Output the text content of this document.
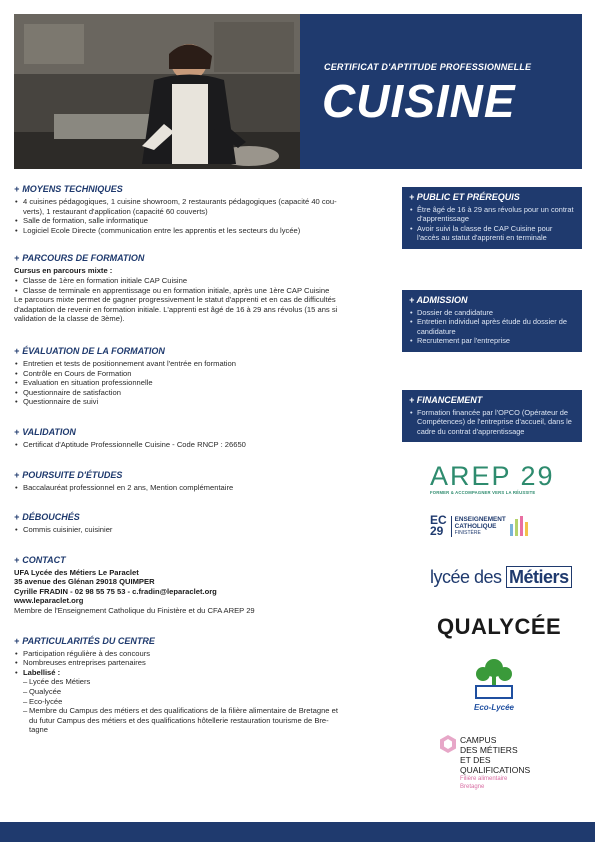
CERTIFICAT D'APTITUDE PROFESSIONNELLE
CUISINE
+ MOYENS TECHNIQUES
• 4 cuisines pédagogiques, 1 cuisine showroom, 2 restaurants pédagogiques (capacité 40 cou-
verts), 1 restaurant d'application (capacité 60 couverts)
• Salle de formation, salle informatique
• Logiciel Ecole Directe (communication entre les apprentis et les secteurs du lycée)
+ PARCOURS DE FORMATION
Cursus en parcours mixte :
• Classe de 1ère en formation initiale CAP Cuisine
• Classe de terminale en apprentissage ou en formation initiale, après une 1ère CAP Cuisine
Le parcours mixte permet de gagner progressivement le statut d'apprenti et en cas de difficultés
d'adaptation de revenir en formation initiale. L'apprenti est âgé de 16 à 29 ans révolus (15 ans si
validation de la classe de 3ème).
+ ÉVALUATION DE LA FORMATION
• Entretien et tests de positionnement avant l'entrée en formation
• Contrôle en Cours de Formation
• Evaluation en situation professionnelle
• Questionnaire de satisfaction
• Questionnaire de suivi
+ VALIDATION
• Certificat d'Aptitude Professionnelle Cuisine - Code RNCP : 26650
+ POURSUITE D'ÉTUDES
• Baccalauréat professionnel en 2 ans, Mention complémentaire
+ DÉBOUCHÉS
• Commis cuisinier, cuisinier
+ CONTACT
UFA Lycée des Métiers Le Paraclet
35 avenue des Glénan 29018 QUIMPER
Cyrille FRADIN - 02 98 55 75 53 - c.fradin@leparaclet.org
www.leparaclet.org
Membre de l'Enseignement Catholique du Finistère et du CFA AREP 29
+ PARTICULARITÉS DU CENTRE
• Participation régulière à des concours
• Nombreuses entreprises partenaires
• Labellisé :
– Lycée des Métiers
– Qualycée
– Eco-lycée
– Membre du Campus des métiers et des qualifications de la filière alimentaire de Bretagne et
du futur Campus des métiers et des qualifications hôtellerie restauration tourisme de Bre-
tagne
+ PUBLIC ET PRÉREQUIS
• Être âgé de 16 à 29 ans révolus pour un contrat d'apprentissage
• Avoir suivi la classe de CAP Cuisine pour l'accès au statut d'apprenti en terminale
+ ADMISSION
• Dossier de candidature
• Entretien individuel après étude du dossier de candidature
• Recrutement par l'entreprise
+ FINANCEMENT
• Formation financée par l'OPCO (Opérateur de Compétences) de l'entreprise d'accueil, dans le cadre du contrat d'apprentissage
AREP 29
FORMER & ACCOMPAGNER VERS LA RÉUSSITE
EC
29
ENSEIGNEMENT
CATHOLIQUE
FINISTÈRE
lycée des Métiers
QUALYCÉE
Eco-Lycée
CAMPUS
DES MÉTIERS
ET DES
QUALIFICATIONS
Filière alimentaire
Bretagne
